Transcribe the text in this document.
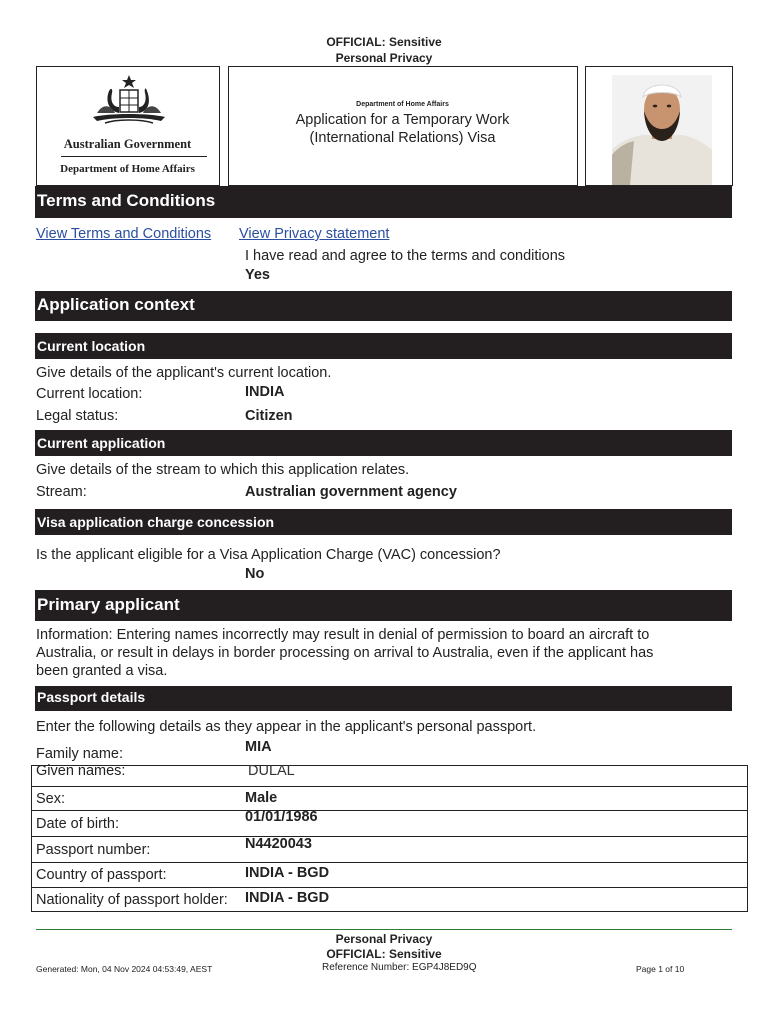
OFFICIAL: Sensitive
Personal Privacy
Australian Government
Department of Home Affairs
Department of Home Affairs
Application for a Temporary Work
(International Relations) Visa
Terms and Conditions
View Terms and Conditions View Privacy statement
I have read and agree to the terms and conditions
Yes
Application context
Current location
Give details of the applicant's current location.
Current location:	INDIA
Legal status:	Citizen
Current application
Give details of the stream to which this application relates.
Stream:	Australian government agency
Visa application charge concession
Is the applicant eligible for a Visa Application Charge (VAC) concession?
No
Primary applicant
Information: Entering names incorrectly may result in denial of permission to board an aircraft to
Australia, or result in delays in border processing on arrival to Australia, even if the applicant has
been granted a visa.
Passport details
Enter the following details as they appear in the applicant's personal passport.
Family name:	MIA
Given names:	DULAL
Sex:	Male
Date of birth:	01/01/1986
Passport number:	N4420043
Country of passport:	INDIA - BGD
Nationality of passport holder: INDIA - BGD
Personal Privacy
OFFICIAL: Sensitive
Generated: Mon, 04 Nov 2024 04:53:49, AEST	Reference Number: EGP4J8ED9Q	Page 1 of 10
